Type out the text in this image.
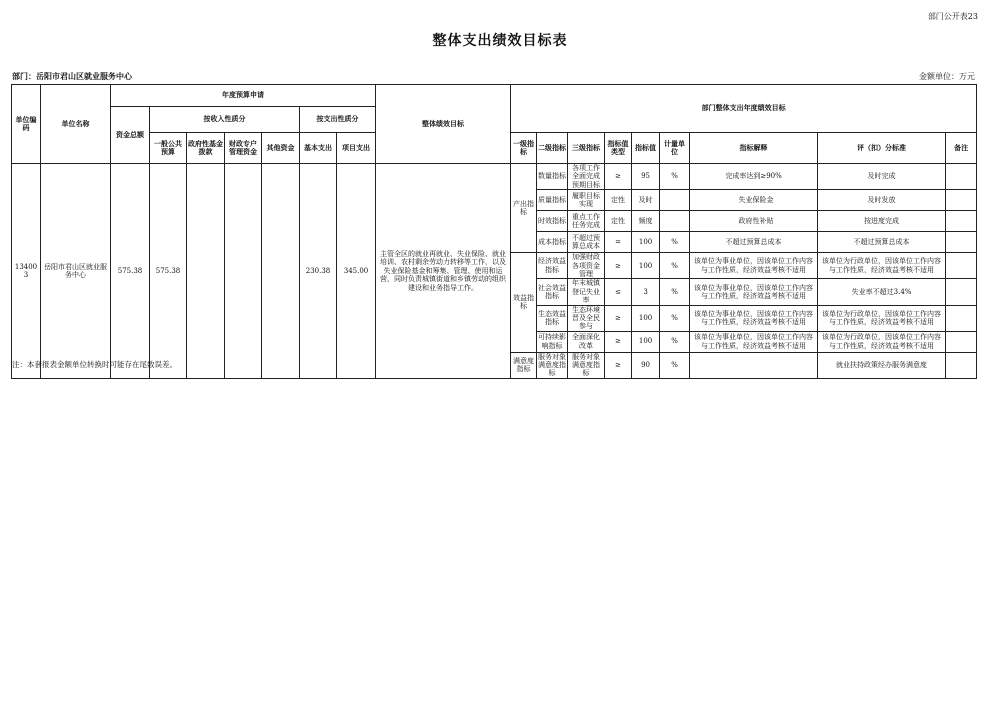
部门公开表23
整体支出绩效目标表
部门：岳阳市君山区就业服务中心	金额单位：万元
单位编码	单位名称	年度预算申请							整体绩效目标	部门整体支出年度绩效目标								
		资金总额	按收入性质分				按支出性质分											
			一般公共预算	政府性基金拨款	财政专户管理资金	其他资金	基本支出	项目支出		一级指标	二级指标	三级指标	指标值类型	指标值	计量单位	指标解释	评（扣）分标准	备注
134003	岳阳市君山区就业服务中心	575.38	575.38				230.38	345.00	主管全区的就业再就业、失业保险、就业培训、农村剩余劳动力转移等工作，以及失业保险基金和筹集、管理、使用和运营，同时负责城镇街道和乡镇劳动的组织建设和业务指导工作。	产出指标	数量指标	各项工作全面完成预期目标	≥	95	%	完成率达到≥90%	及时完成	
											质量指标	履职目标实现	定性	及时		失业保险金	及时发放	
											时效指标	重点工作任务完成	定性	频度		政府性补贴	按进度完成	
											成本指标	不超过预算总成本	=	100	%	不超过预算总成本	不超过预算总成本	
										效益指标	经济效益指标	加强财政各项资金管理	≥	100	%	该单位为事业单位，因该单位工作内容与工作性质，经济效益考核不适用	该单位为行政单位，因该单位工作内容与工作性质，经济效益考核不适用	
											社会效益指标	年末城镇登记失业率	≤	3	%	该单位为事业单位，因该单位工作内容与工作性质，经济效益考核不适用	失业率不超过3.4%	
											生态效益指标	生态环境晋及全民参与	≥	100	%	该单位为事业单位，因该单位工作内容与工作性质，经济效益考核不适用	该单位为行政单位，因该单位工作内容与工作性质，经济效益考核不适用	
											可持续影响指标	全面深化改革	≥	100	%	该单位为事业单位，因该单位工作内容与工作性质，经济效益考核不适用	该单位为行政单位，因该单位工作内容与工作性质，经济效益考核不适用	
										满意度指标	服务对象满意度指标	服务对象满意度指标	≥	90	%		就业扶持政策经办服务满意度	
注：本套报表金额单位转换时可能存在尾数误差。
